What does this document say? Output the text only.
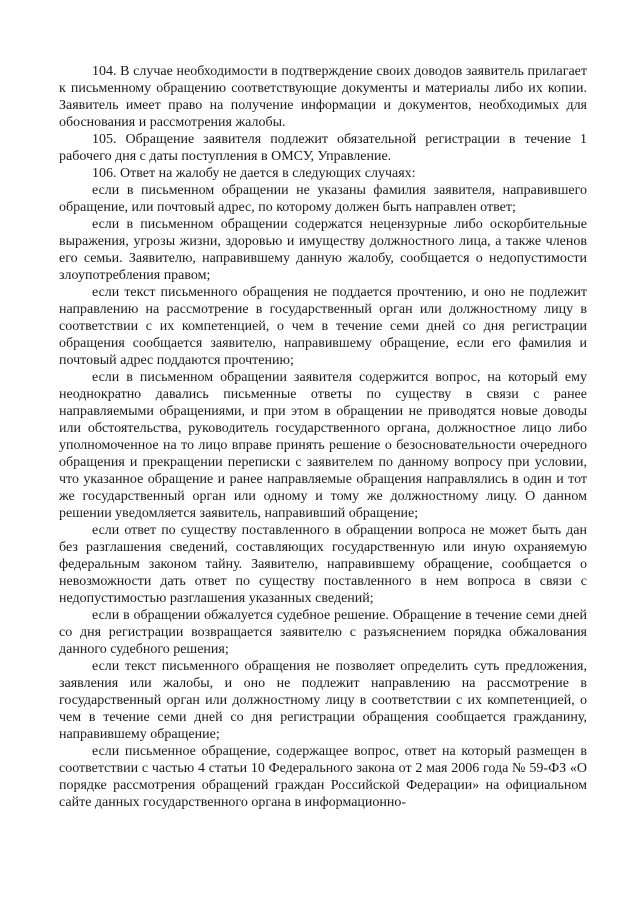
104. В случае необходимости в подтверждение своих доводов заявитель прилагает к письменному обращению соответствующие документы и материалы либо их копии. Заявитель имеет право на получение информации и документов, необходимых для обоснования и рассмотрения жалобы.

105. Обращение заявителя подлежит обязательной регистрации в течение 1 рабочего дня с даты поступления в ОМСУ, Управление.

106. Ответ на жалобу не дается в следующих случаях:

если в письменном обращении не указаны фамилия заявителя, направившего обращение, или почтовый адрес, по которому должен быть направлен ответ;

если в письменном обращении содержатся нецензурные либо оскорбительные выражения, угрозы жизни, здоровью и имуществу должностного лица, а также членов его семьи. Заявителю, направившему данную жалобу, сообщается о недопустимости злоупотребления правом;

если текст письменного обращения не поддается прочтению, и оно не подлежит направлению на рассмотрение в государственный орган или должностному лицу в соответствии с их компетенцией, о чем в течение семи дней со дня регистрации обращения сообщается заявителю, направившему обращение, если его фамилия и почтовый адрес поддаются прочтению;

если в письменном обращении заявителя содержится вопрос, на который ему неоднократно давались письменные ответы по существу в связи с ранее направляемыми обращениями, и при этом в обращении не приводятся новые доводы или обстоятельства, руководитель государственного органа, должностное лицо либо уполномоченное на то лицо вправе принять решение о безосновательности очередного обращения и прекращении переписки с заявителем по данному вопросу при условии, что указанное обращение и ранее направляемые обращения направлялись в один и тот же государственный орган или одному и тому же должностному лицу. О данном решении уведомляется заявитель, направивший обращение;

если ответ по существу поставленного в обращении вопроса не может быть дан без разглашения сведений, составляющих государственную или иную охраняемую федеральным законом тайну. Заявителю, направившему обращение, сообщается о невозможности дать ответ по существу поставленного в нем вопроса в связи с недопустимостью разглашения указанных сведений;

если в обращении обжалуется судебное решение. Обращение в течение семи дней со дня регистрации возвращается заявителю с разъяснением порядка обжалования данного судебного решения;

если текст письменного обращения не позволяет определить суть предложения, заявления или жалобы, и оно не подлежит направлению на рассмотрение в государственный орган или должностному лицу в соответствии с их компетенцией, о чем в течение семи дней со дня регистрации обращения сообщается гражданину, направившему обращение;

если письменное обращение, содержащее вопрос, ответ на который размещен в соответствии с частью 4 статьи 10 Федерального закона от 2 мая 2006 года № 59-ФЗ «О порядке рассмотрения обращений граждан Российской Федерации» на официальном сайте данных государственного органа в информационно-
